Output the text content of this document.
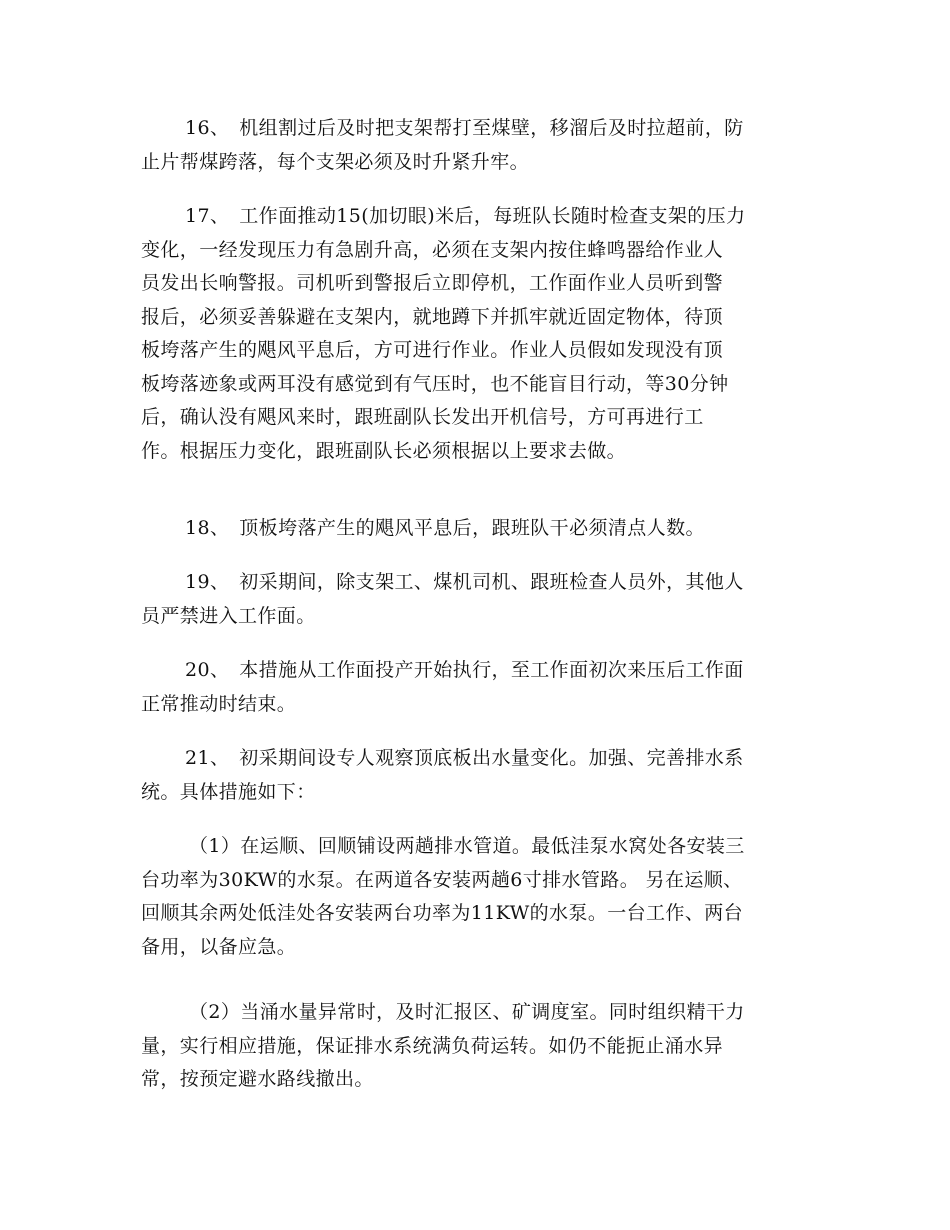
16、　机组割过后及时把支架帮打至煤壁，移溜后及时拉超前，防
止片帮煤跨落，每个支架必须及时升紧升牢。

17、　工作面推动15(加切眼)米后，每班队长随时检查支架的压力
变化，一经发现压力有急剧升高，必须在支架内按住蜂鸣器给作业人
员发出长响警报。司机听到警报后立即停机，工作面作业人员听到警
报后，必须妥善躲避在支架内，就地蹲下并抓牢就近固定物体，待顶
板垮落产生的飓风平息后，方可进行作业。作业人员假如发现没有顶
板垮落迹象或两耳没有感觉到有气压时，也不能盲目行动，等30分钟
后，确认没有飓风来时，跟班副队长发出开机信号，方可再进行工
作。根据压力变化，跟班副队长必须根据以上要求去做。

18、　顶板垮落产生的飓风平息后，跟班队干必须清点人数。

19、　初采期间，除支架工、煤机司机、跟班检查人员外，其他人
员严禁进入工作面。

20、　本措施从工作面投产开始执行，至工作面初次来压后工作面
正常推动时结束。

21、　初采期间设专人观察顶底板出水量变化。加强、完善排水系
统。具体措施如下：

（1）在运顺、回顺铺设两趟排水管道。最低洼泵水窝处各安装三
台功率为30KW的水泵。在两道各安装两趟6寸排水管路。 另在运顺、
回顺其余两处低洼处各安装两台功率为11KW的水泵。一台工作、两台
备用，以备应急。

（2）当涌水量异常时，及时汇报区、矿调度室。同时组织精干力
量，实行相应措施，保证排水系统满负荷运转。如仍不能扼止涌水异
常，按预定避水路线撤出。
